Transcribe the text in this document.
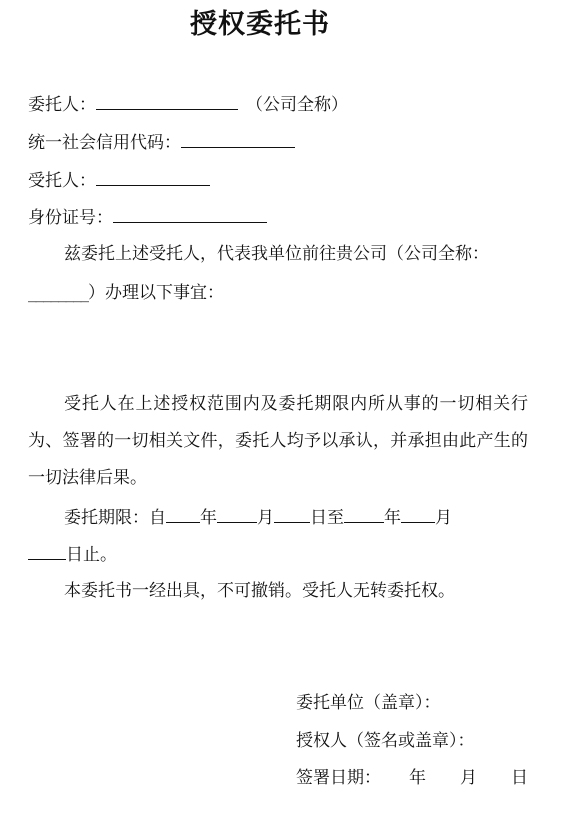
授权委托书
委托人：	（公司全称）
统一社会信用代码：
受托人：
身份证号：
兹委托上述受托人，代表我单位前往贵公司（公司全称：
________）办理以下事宜：
受托人在上述授权范围内及委托期限内所从事的一切相关行为、签署的一切相关文件，委托人均予以承认，并承担由此产生的一切法律后果。
委托期限：自 年 月 日至 年 月
日止。
本委托书一经出具，不可撤销。受托人无转委托权。
委托单位（盖章）：
授权人（签名或盖章）：
签署日期： 年 月 日
